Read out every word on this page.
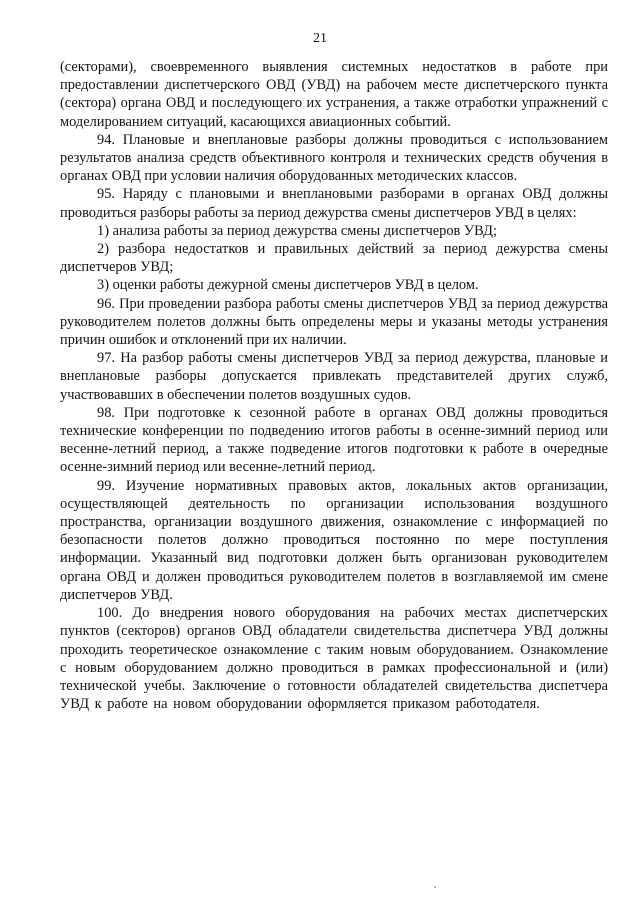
21

(секторами), своевременного выявления системных недостатков в работе при предоставлении диспетчерского ОВД (УВД) на рабочем месте диспетчерского пункта (сектора) органа ОВД и последующего их устранения, а также отработки упражнений с моделированием ситуаций, касающихся авиационных событий.

94. Плановые и внеплановые разборы должны проводиться с использованием результатов анализа средств объективного контроля и технических средств обучения в органах ОВД при условии наличия оборудованных методических классов.

95. Наряду с плановыми и внеплановыми разборами в органах ОВД должны проводиться разборы работы за период дежурства смены диспетчеров УВД в целях:

1) анализа работы за период дежурства смены диспетчеров УВД;

2) разбора недостатков и правильных действий за период дежурства смены диспетчеров УВД;

3) оценки работы дежурной смены диспетчеров УВД в целом.

96. При проведении разбора работы смены диспетчеров УВД за период дежурства руководителем полетов должны быть определены меры и указаны методы устранения причин ошибок и отклонений при их наличии.

97. На разбор работы смены диспетчеров УВД за период дежурства, плановые и внеплановые разборы допускается привлекать представителей других служб, участвовавших в обеспечении полетов воздушных судов.

98. При подготовке к сезонной работе в органах ОВД должны проводиться технические конференции по подведению итогов работы в осенне-зимний период или весенне-летний период, а также подведение итогов подготовки к работе в очередные осенне-зимний период или весенне-летний период.

99. Изучение нормативных правовых актов, локальных актов организации, осуществляющей деятельность по организации использования воздушного пространства, организации воздушного движения, ознакомление с информацией по безопасности полетов должно проводиться постоянно по мере поступления информации. Указанный вид подготовки должен быть организован руководителем органа ОВД и должен проводиться руководителем полетов в возглавляемой им смене диспетчеров УВД.

100. До внедрения нового оборудования на рабочих местах диспетчерских пунктов (секторов) органов ОВД обладатели свидетельства диспетчера УВД должны проходить теоретическое ознакомление с таким новым оборудованием. Ознакомление с новым оборудованием должно проводиться в рамках профессиональной и (или) технической учебы. Заключение о готовности обладателей свидетельства диспетчера УВД к работе на новом оборудовании оформляется приказом работодателя.
